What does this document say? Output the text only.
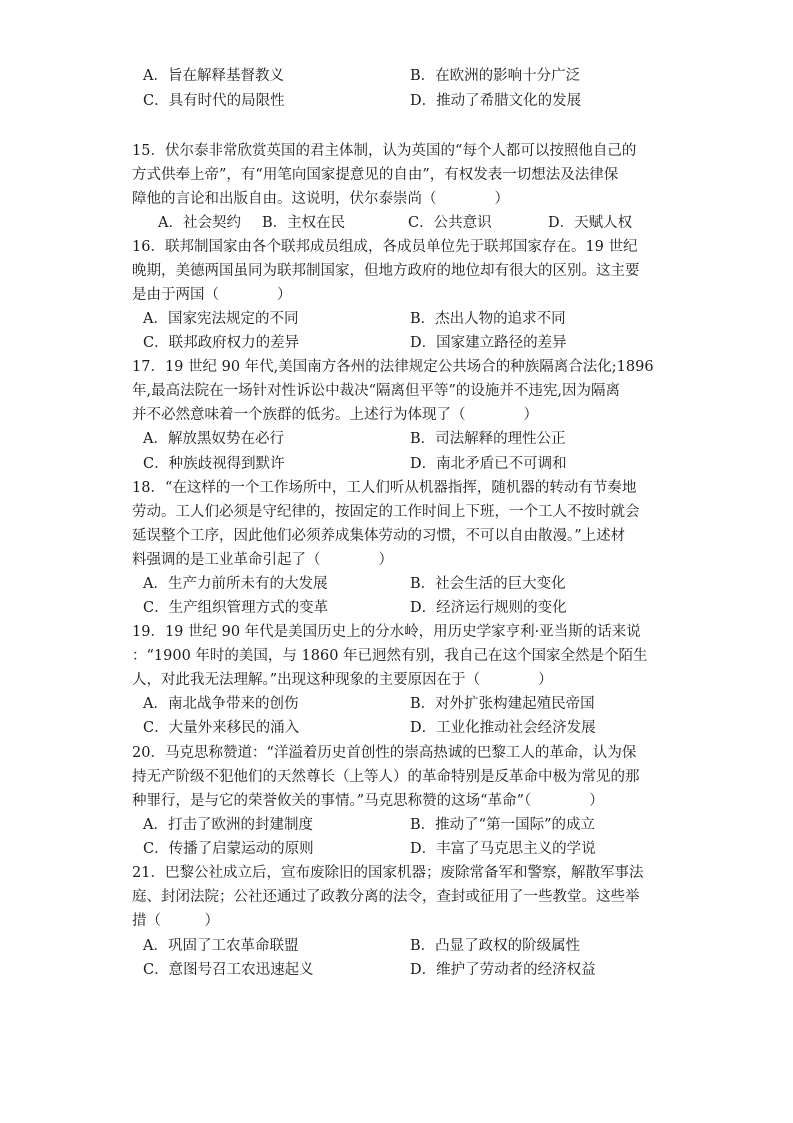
A．旨在解释基督教义	B．在欧洲的影响十分广泛
C．具有时代的局限性	D．推动了希腊文化的发展
15．伏尔泰非常欣赏英国的君主体制，认为英国的“每个人都可以按照他自己的
方式供奉上帝”，有“用笔向国家提意见的自由”，有权发表一切想法及法律保
障他的言论和出版自由。这说明，伏尔泰崇尚（　　　　）
A．社会契约 B．主权在民	C．公共意识	D．天赋人权
16．联邦制国家由各个联邦成员组成，各成员单位先于联邦国家存在。19 世纪
晚期，美德两国虽同为联邦制国家，但地方政府的地位却有很大的区别。这主要
是由于两国（　　　　）
A．国家宪法规定的不同	B．杰出人物的追求不同
C．联邦政府权力的差异	D．国家建立路径的差异
17．19 世纪 90 年代,美国南方各州的法律规定公共场合的种族隔离合法化;1896
年,最高法院在一场针对性诉讼中裁决“隔离但平等”的设施并不违宪,因为隔离
并不必然意味着一个族群的低劣。上述行为体现了（　　　　）
A．解放黑奴势在必行	B．司法解释的理性公正
C．种族歧视得到默许	D．南北矛盾已不可调和
18．“在这样的一个工作场所中，工人们听从机器指挥，随机器的转动有节奏地
劳动。工人们必须是守纪律的，按固定的工作时间上下班，一个工人不按时就会
延误整个工序，因此他们必须养成集体劳动的习惯，不可以自由散漫。”上述材
料强调的是工业革命引起了（　　　　）
A．生产力前所未有的大发展	B．社会生活的巨大变化
C．生产组织管理方式的变革	D．经济运行规则的变化
19．19 世纪 90 年代是美国历史上的分水岭，用历史学家亨利·亚当斯的话来说
：“1900 年时的美国，与 1860 年已迥然有别，我自己在这个国家全然是个陌生
人，对此我无法理解。”出现这种现象的主要原因在于（　　　　）
A．南北战争带来的创伤	B．对外扩张构建起殖民帝国
C．大量外来移民的涌入	D．工业化推动社会经济发展
20．马克思称赞道：“洋溢着历史首创性的崇高热诚的巴黎工人的革命，认为保
持无产阶级不犯他们的天然尊长（上等人）的革命特别是反革命中极为常见的那
种罪行，是与它的荣誉攸关的事情。”马克思称赞的这场“革命”（　　　　）
A．打击了欧洲的封建制度	B．推动了“第一国际”的成立
C．传播了启蒙运动的原则	D．丰富了马克思主义的学说
21．巴黎公社成立后，宣布废除旧的国家机器；废除常备军和警察，解散军事法
庭、封闭法院；公社还通过了政教分离的法令，查封或征用了一些教堂。这些举
措（　　　）
A．巩固了工农革命联盟	B．凸显了政权的阶级属性
C．意图号召工农迅速起义	D．维护了劳动者的经济权益
